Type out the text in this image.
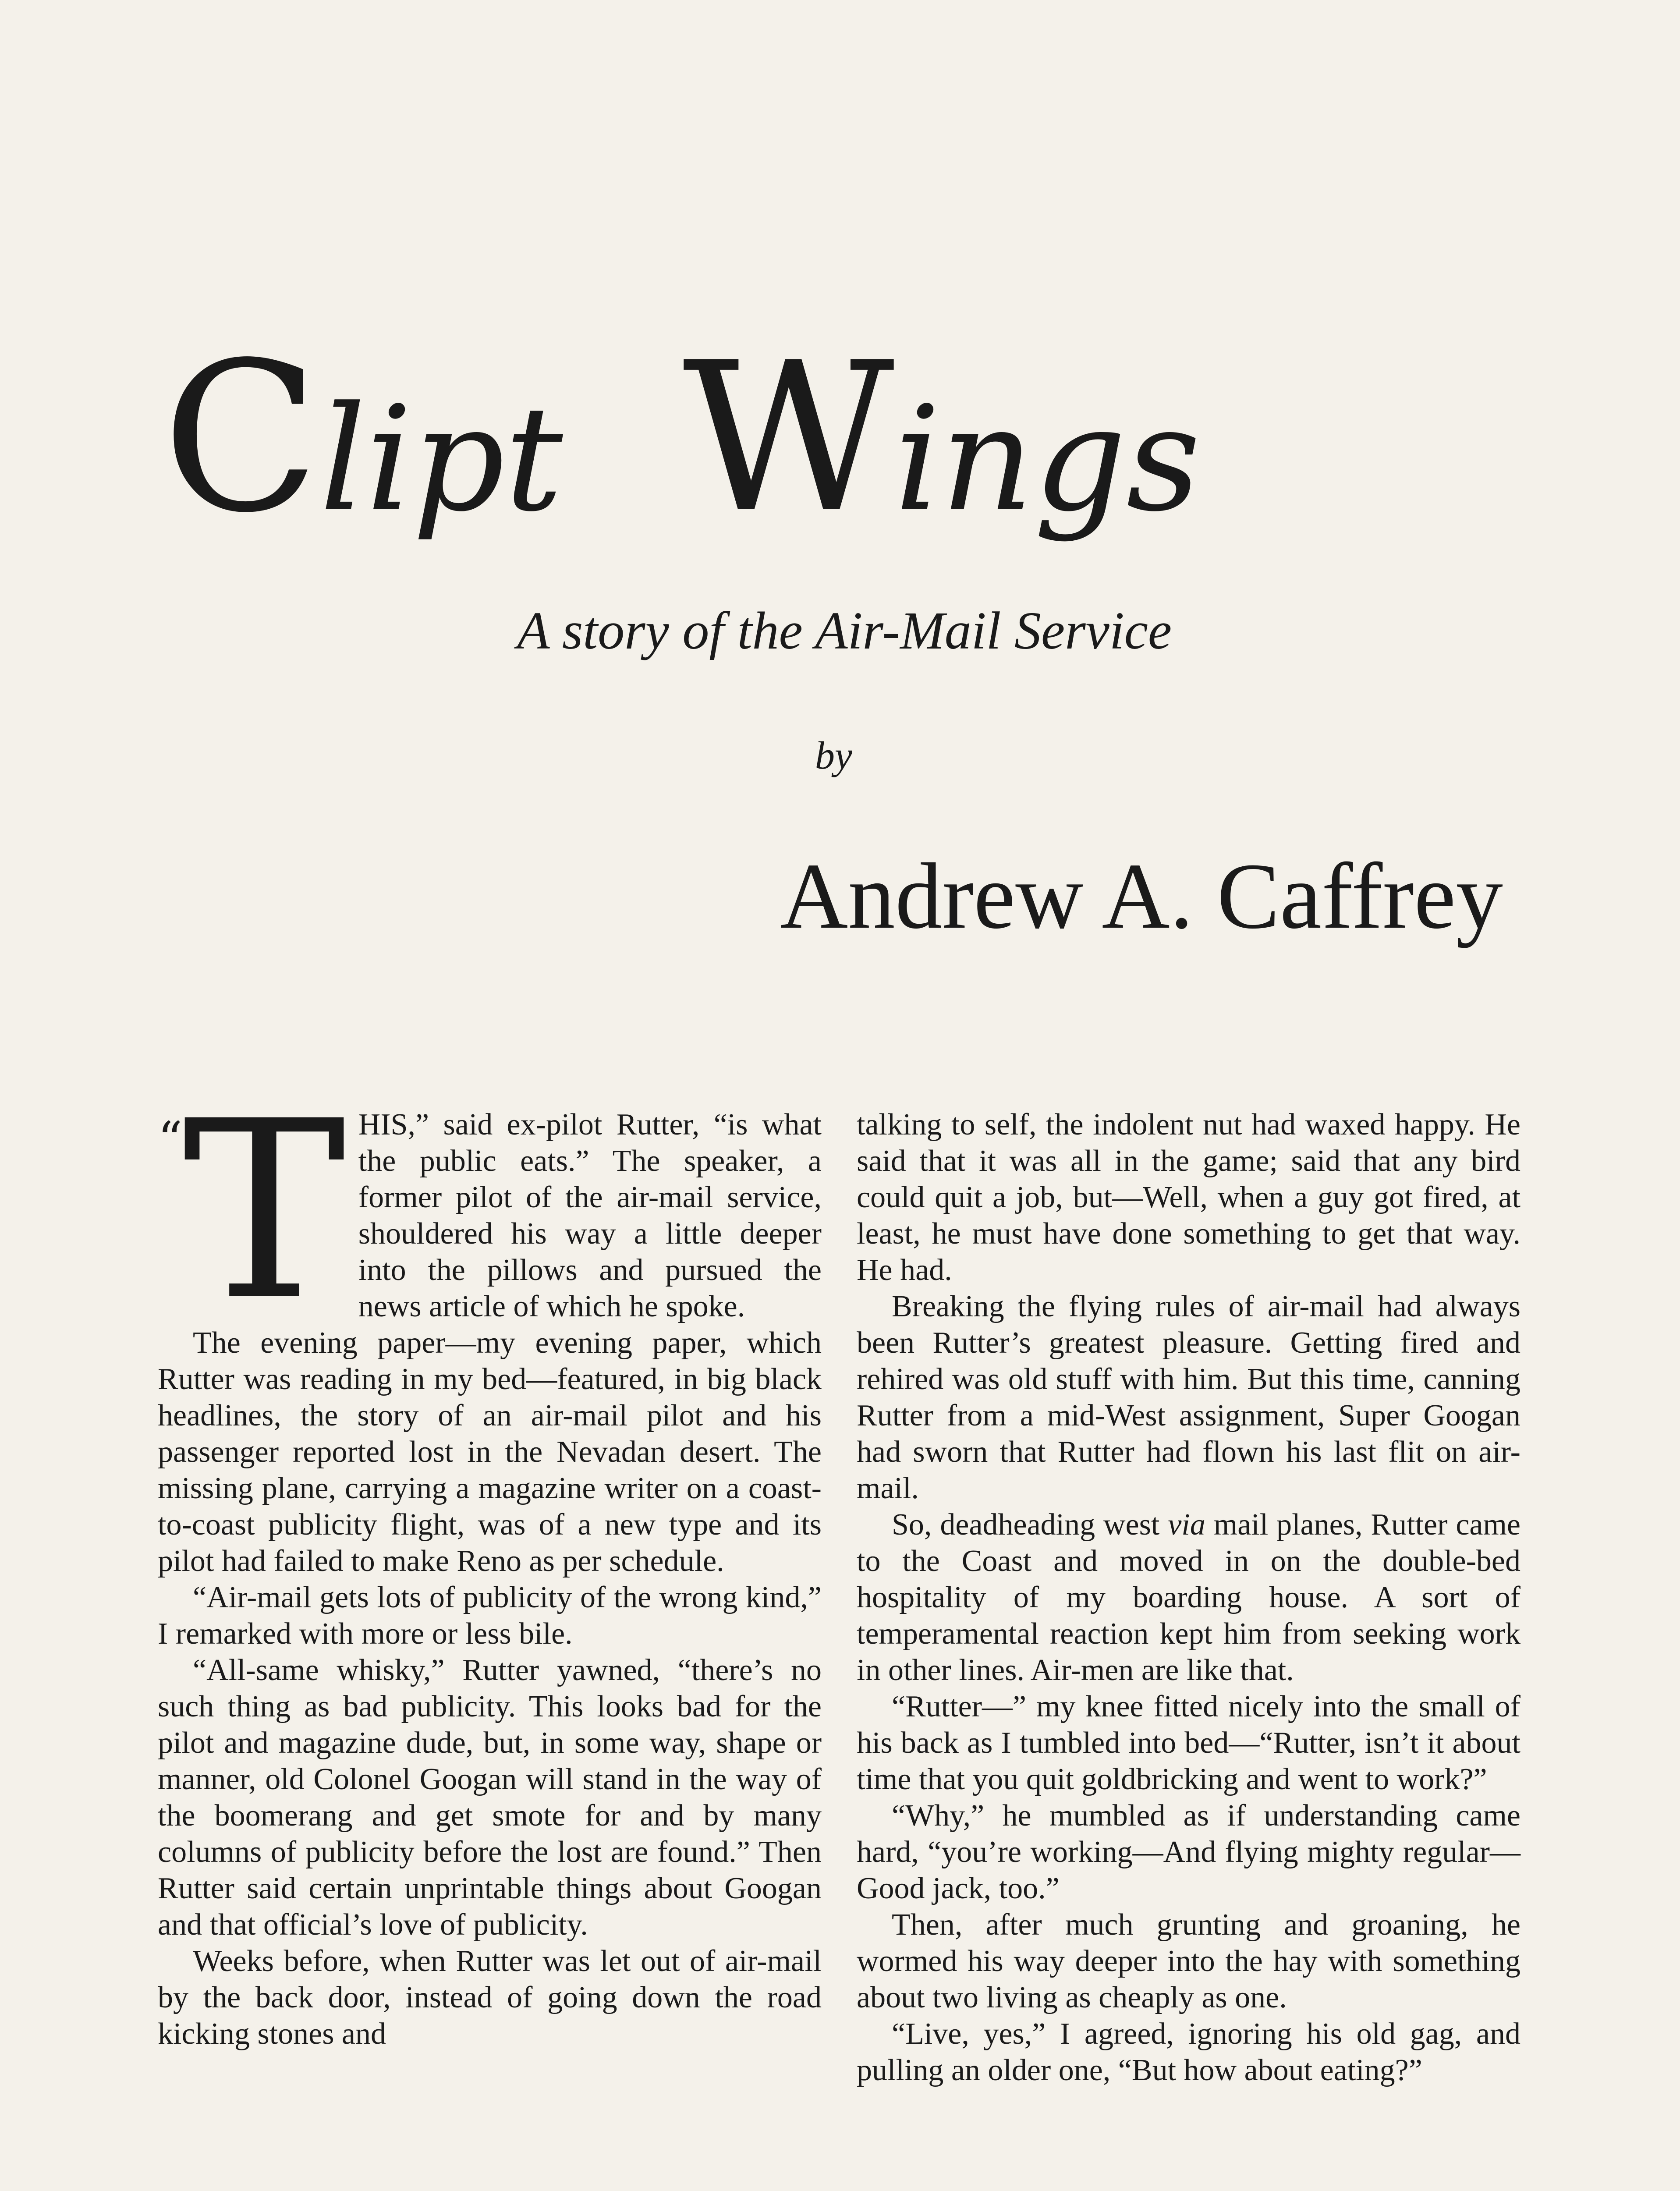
Clipt Wings
A story of the Air-Mail Service
by
Andrew A. Caffrey

“T HIS,” said ex-pilot Rutter, “is what the public eats.” The speaker, a former pilot of the air-mail service, shouldered his way a little deeper into the pillows and pursued the news article of which he spoke.

The evening paper—my evening paper, which Rutter was reading in my bed—featured, in big black headlines, the story of an air-mail pilot and his passenger reported lost in the Nevadan desert. The missing plane, carrying a magazine writer on a coast-to-coast publicity flight, was of a new type and its pilot had failed to make Reno as per schedule.

“Air-mail gets lots of publicity of the wrong kind,” I remarked with more or less bile.

“All-same whisky,” Rutter yawned, “there’s no such thing as bad publicity. This looks bad for the pilot and magazine dude, but, in some way, shape or manner, old Colonel Googan will stand in the way of the boomerang and get smote for and by many columns of publicity before the lost are found.” Then Rutter said certain unprintable things about Googan and that official’s love of publicity.

Weeks before, when Rutter was let out of air-mail by the back door, instead of going down the road kicking stones and

talking to self, the indolent nut had waxed happy. He said that it was all in the game; said that any bird could quit a job, but—Well, when a guy got fired, at least, he must have done something to get that way. He had.

Breaking the flying rules of air-mail had always been Rutter’s greatest pleasure. Getting fired and rehired was old stuff with him. But this time, canning Rutter from a mid-West assignment, Super Googan had sworn that Rutter had flown his last flit on air-mail.

So, deadheading west via mail planes, Rutter came to the Coast and moved in on the double-bed hospitality of my boarding house. A sort of temperamental reaction kept him from seeking work in other lines. Air-men are like that.

“Rutter—” my knee fitted nicely into the small of his back as I tumbled into bed—“Rutter, isn’t it about time that you quit goldbricking and went to work?”

“Why,” he mumbled as if understanding came hard, “you’re working—And flying mighty regular— Good jack, too.”

Then, after much grunting and groaning, he wormed his way deeper into the hay with something about two living as cheaply as one.

“Live, yes,” I agreed, ignoring his old gag, and pulling an older one, “But how about eating?”
